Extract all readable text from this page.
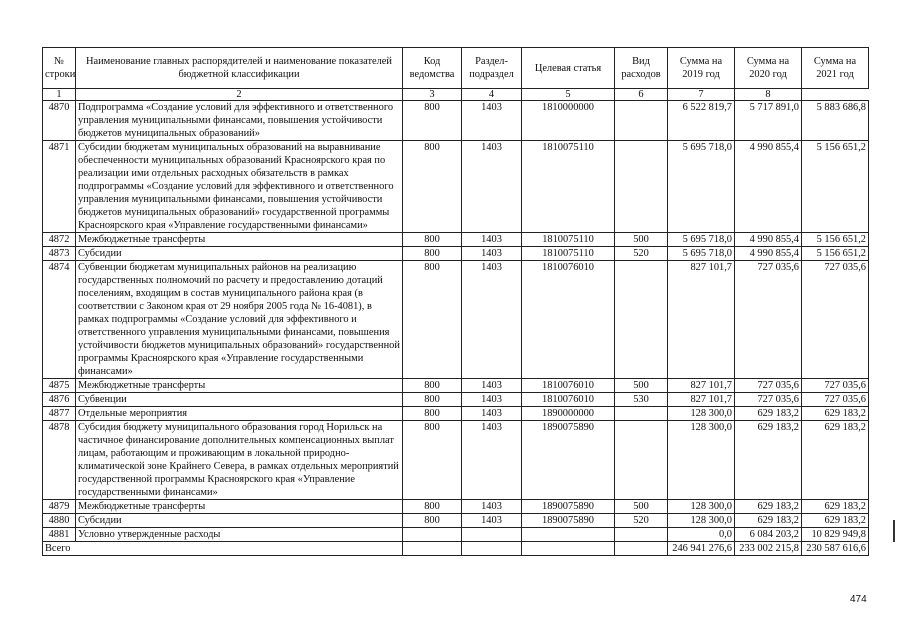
№ строки	Наименование главных распорядителей и наименование показателей бюджетной классификации	Код ведомства	Раздел-подраздел	Целевая статья	Вид расходов	Сумма на 2019 год	Сумма на 2020 год	Сумма на 2021 год
1	2	3	4	5	6	7	8	
4870	Подпрограмма «Создание условий для эффективного и ответственного управления муниципальными финансами, повышения устойчивости бюджетов муниципальных образований»	800	1403	1810000000		6 522 819,7	5 717 891,0	5 883 686,8
4871	Субсидии бюджетам муниципальных образований на выравнивание обеспеченности муниципальных образований Красноярского края по реализации ими отдельных расходных обязательств в рамках подпрограммы «Создание условий для эффективного и ответственного управления муниципальными финансами, повышения устойчивости бюджетов муниципальных образований» государственной программы Красноярского края «Управление государственными финансами»	800	1403	1810075110		5 695 718,0	4 990 855,4	5 156 651,2
4872	Межбюджетные трансферты	800	1403	1810075110	500	5 695 718,0	4 990 855,4	5 156 651,2
4873	Субсидии	800	1403	1810075110	520	5 695 718,0	4 990 855,4	5 156 651,2
4874	Субвенции бюджетам муниципальных районов на реализацию государственных полномочий по расчету и предоставлению дотаций поселениям, входящим в состав муниципального района края (в соответствии с Законом края от 29 ноября 2005 года № 16-4081), в рамках подпрограммы «Создание условий для эффективного и ответственного управления муниципальными финансами, повышения устойчивости бюджетов муниципальных образований» государственной программы Красноярского края «Управление государственными финансами»	800	1403	1810076010		827 101,7	727 035,6	727 035,6
4875	Межбюджетные трансферты	800	1403	1810076010	500	827 101,7	727 035,6	727 035,6
4876	Субвенции	800	1403	1810076010	530	827 101,7	727 035,6	727 035,6
4877	Отдельные мероприятия	800	1403	1890000000		128 300,0	629 183,2	629 183,2
4878	Субсидия бюджету муниципального образования город Норильск на частичное финансирование дополнительных компенсационных выплат лицам, работающим и проживающим в локальной природно-климатической зоне Крайнего Севера, в рамках отдельных мероприятий государственной программы Красноярского края «Управление государственными финансами»	800	1403	1890075890		128 300,0	629 183,2	629 183,2
4879	Межбюджетные трансферты	800	1403	1890075890	500	128 300,0	629 183,2	629 183,2
4880	Субсидии	800	1403	1890075890	520	128 300,0	629 183,2	629 183,2
4881	Условно утвержденные расходы					0,0	6 084 203,2	10 829 949,8
Всего						246 941 276,6	233 002 215,8	230 587 616,6
474
